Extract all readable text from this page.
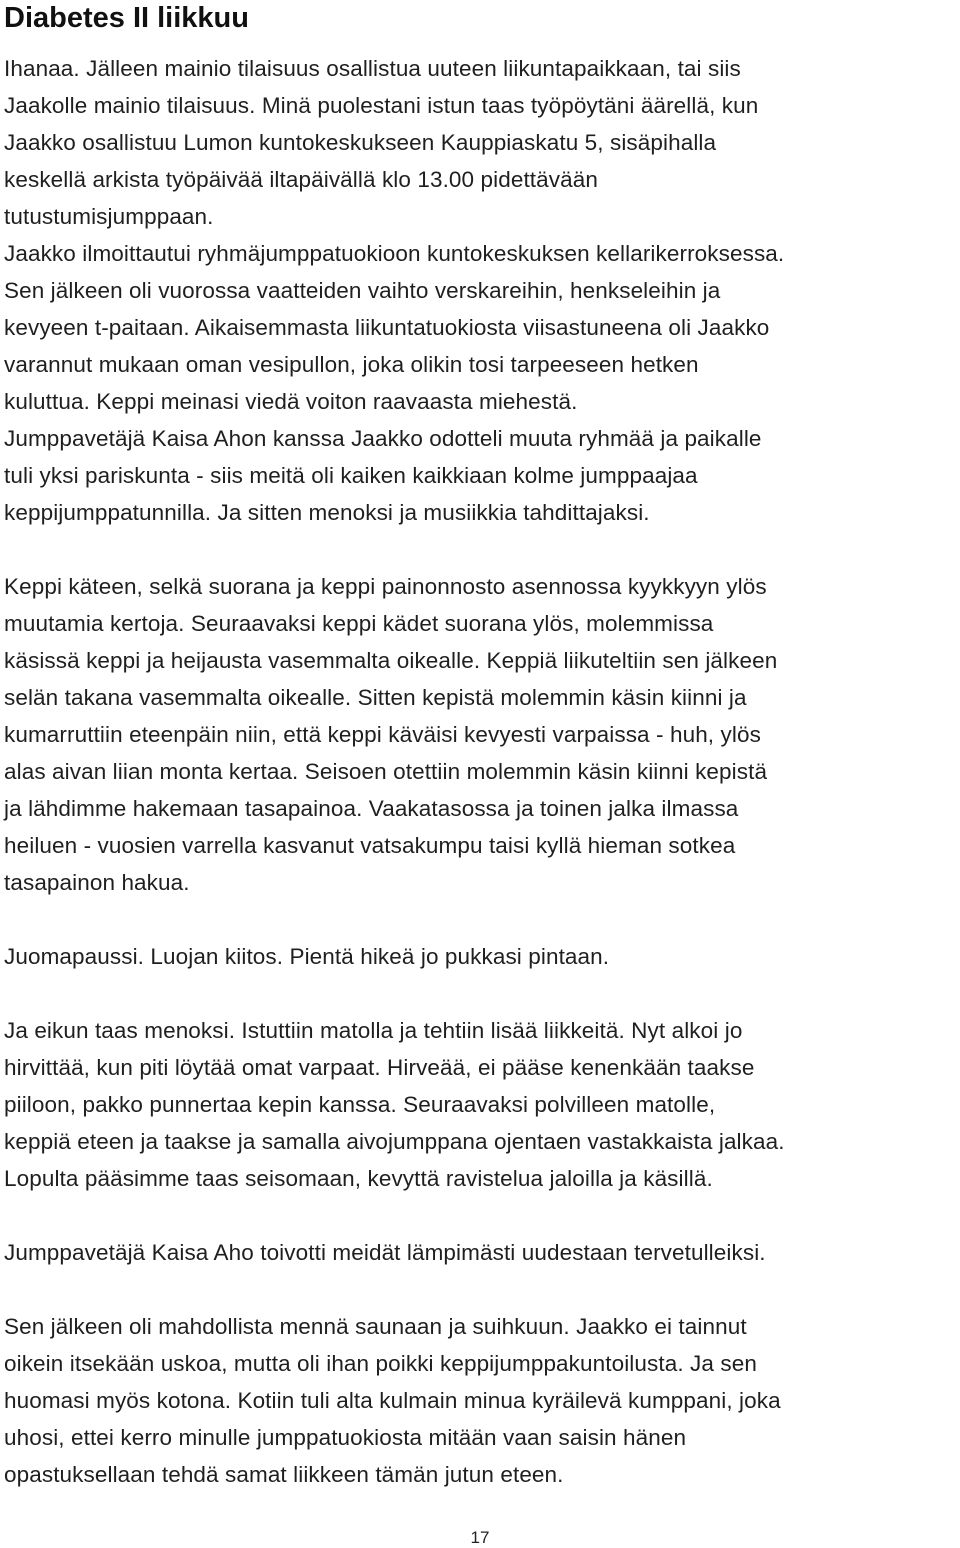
Diabetes II liikkuu

Ihanaa. Jälleen mainio tilaisuus osallistua uuteen liikuntapaikkaan, tai siis
Jaakolle mainio tilaisuus. Minä puolestani istun taas työpöytäni äärellä, kun
Jaakko osallistuu Lumon kuntokeskukseen Kauppiaskatu 5, sisäpihalla
keskellä arkista työpäivää iltapäivällä klo 13.00 pidettävään
tutustumisjumppaan.
Jaakko ilmoittautui ryhmäjumppatuokioon kuntokeskuksen kellarikerroksessa.
Sen jälkeen oli vuorossa vaatteiden vaihto verskareihin, henkseleihin ja
kevyeen t-paitaan. Aikaisemmasta liikuntatuokiosta viisastuneena oli Jaakko
varannut mukaan oman vesipullon, joka olikin tosi tarpeeseen hetken
kuluttua. Keppi meinasi viedä voiton raavaasta miehestä.
Jumppavetäjä Kaisa Ahon kanssa Jaakko odotteli muuta ryhmää ja paikalle
tuli yksi pariskunta - siis meitä oli kaiken kaikkiaan kolme jumppaajaa
keppijumppatunnilla. Ja sitten menoksi ja musiikkia tahdittajaksi.

Keppi käteen, selkä suorana ja keppi painonnosto asennossa kyykkyyn ylös
muutamia kertoja. Seuraavaksi keppi kädet suorana ylös, molemmissa
käsissä keppi ja heijausta vasemmalta oikealle. Keppiä liikuteltiin sen jälkeen
selän takana vasemmalta oikealle. Sitten kepistä molemmin käsin kiinni ja
kumarruttiin eteenpäin niin, että keppi käväisi kevyesti varpaissa - huh, ylös
alas aivan liian monta kertaa. Seisoen otettiin molemmin käsin kiinni kepistä
ja lähdimme hakemaan tasapainoa. Vaakatasossa ja toinen jalka ilmassa
heiluen - vuosien varrella kasvanut vatsakumpu taisi kyllä hieman sotkea
tasapainon hakua.

Juomapaussi. Luojan kiitos. Pientä hikeä jo pukkasi pintaan.

Ja eikun taas menoksi. Istuttiin matolla ja tehtiin lisää liikkeitä. Nyt alkoi jo
hirvittää, kun piti löytää omat varpaat. Hirveää, ei pääse kenenkään taakse
piiloon, pakko punnertaa kepin kanssa. Seuraavaksi polvilleen matolle,
keppiä eteen ja taakse ja samalla aivojumppana ojentaen vastakkaista jalkaa.
Lopulta pääsimme taas seisomaan, kevyttä ravistelua jaloilla ja käsillä.

Jumppavetäjä Kaisa Aho toivotti meidät lämpimästi uudestaan tervetulleiksi.

Sen jälkeen oli mahdollista mennä saunaan ja suihkuun. Jaakko ei tainnut
oikein itsekään uskoa, mutta oli ihan poikki keppijumppakuntoilusta. Ja sen
huomasi myös kotona. Kotiin tuli alta kulmain minua kyräilevä kumppani, joka
uhosi, ettei kerro minulle jumppatuokiosta mitään vaan saisin hänen
opastuksellaan tehdä samat liikkeen tämän jutun eteen.

17
